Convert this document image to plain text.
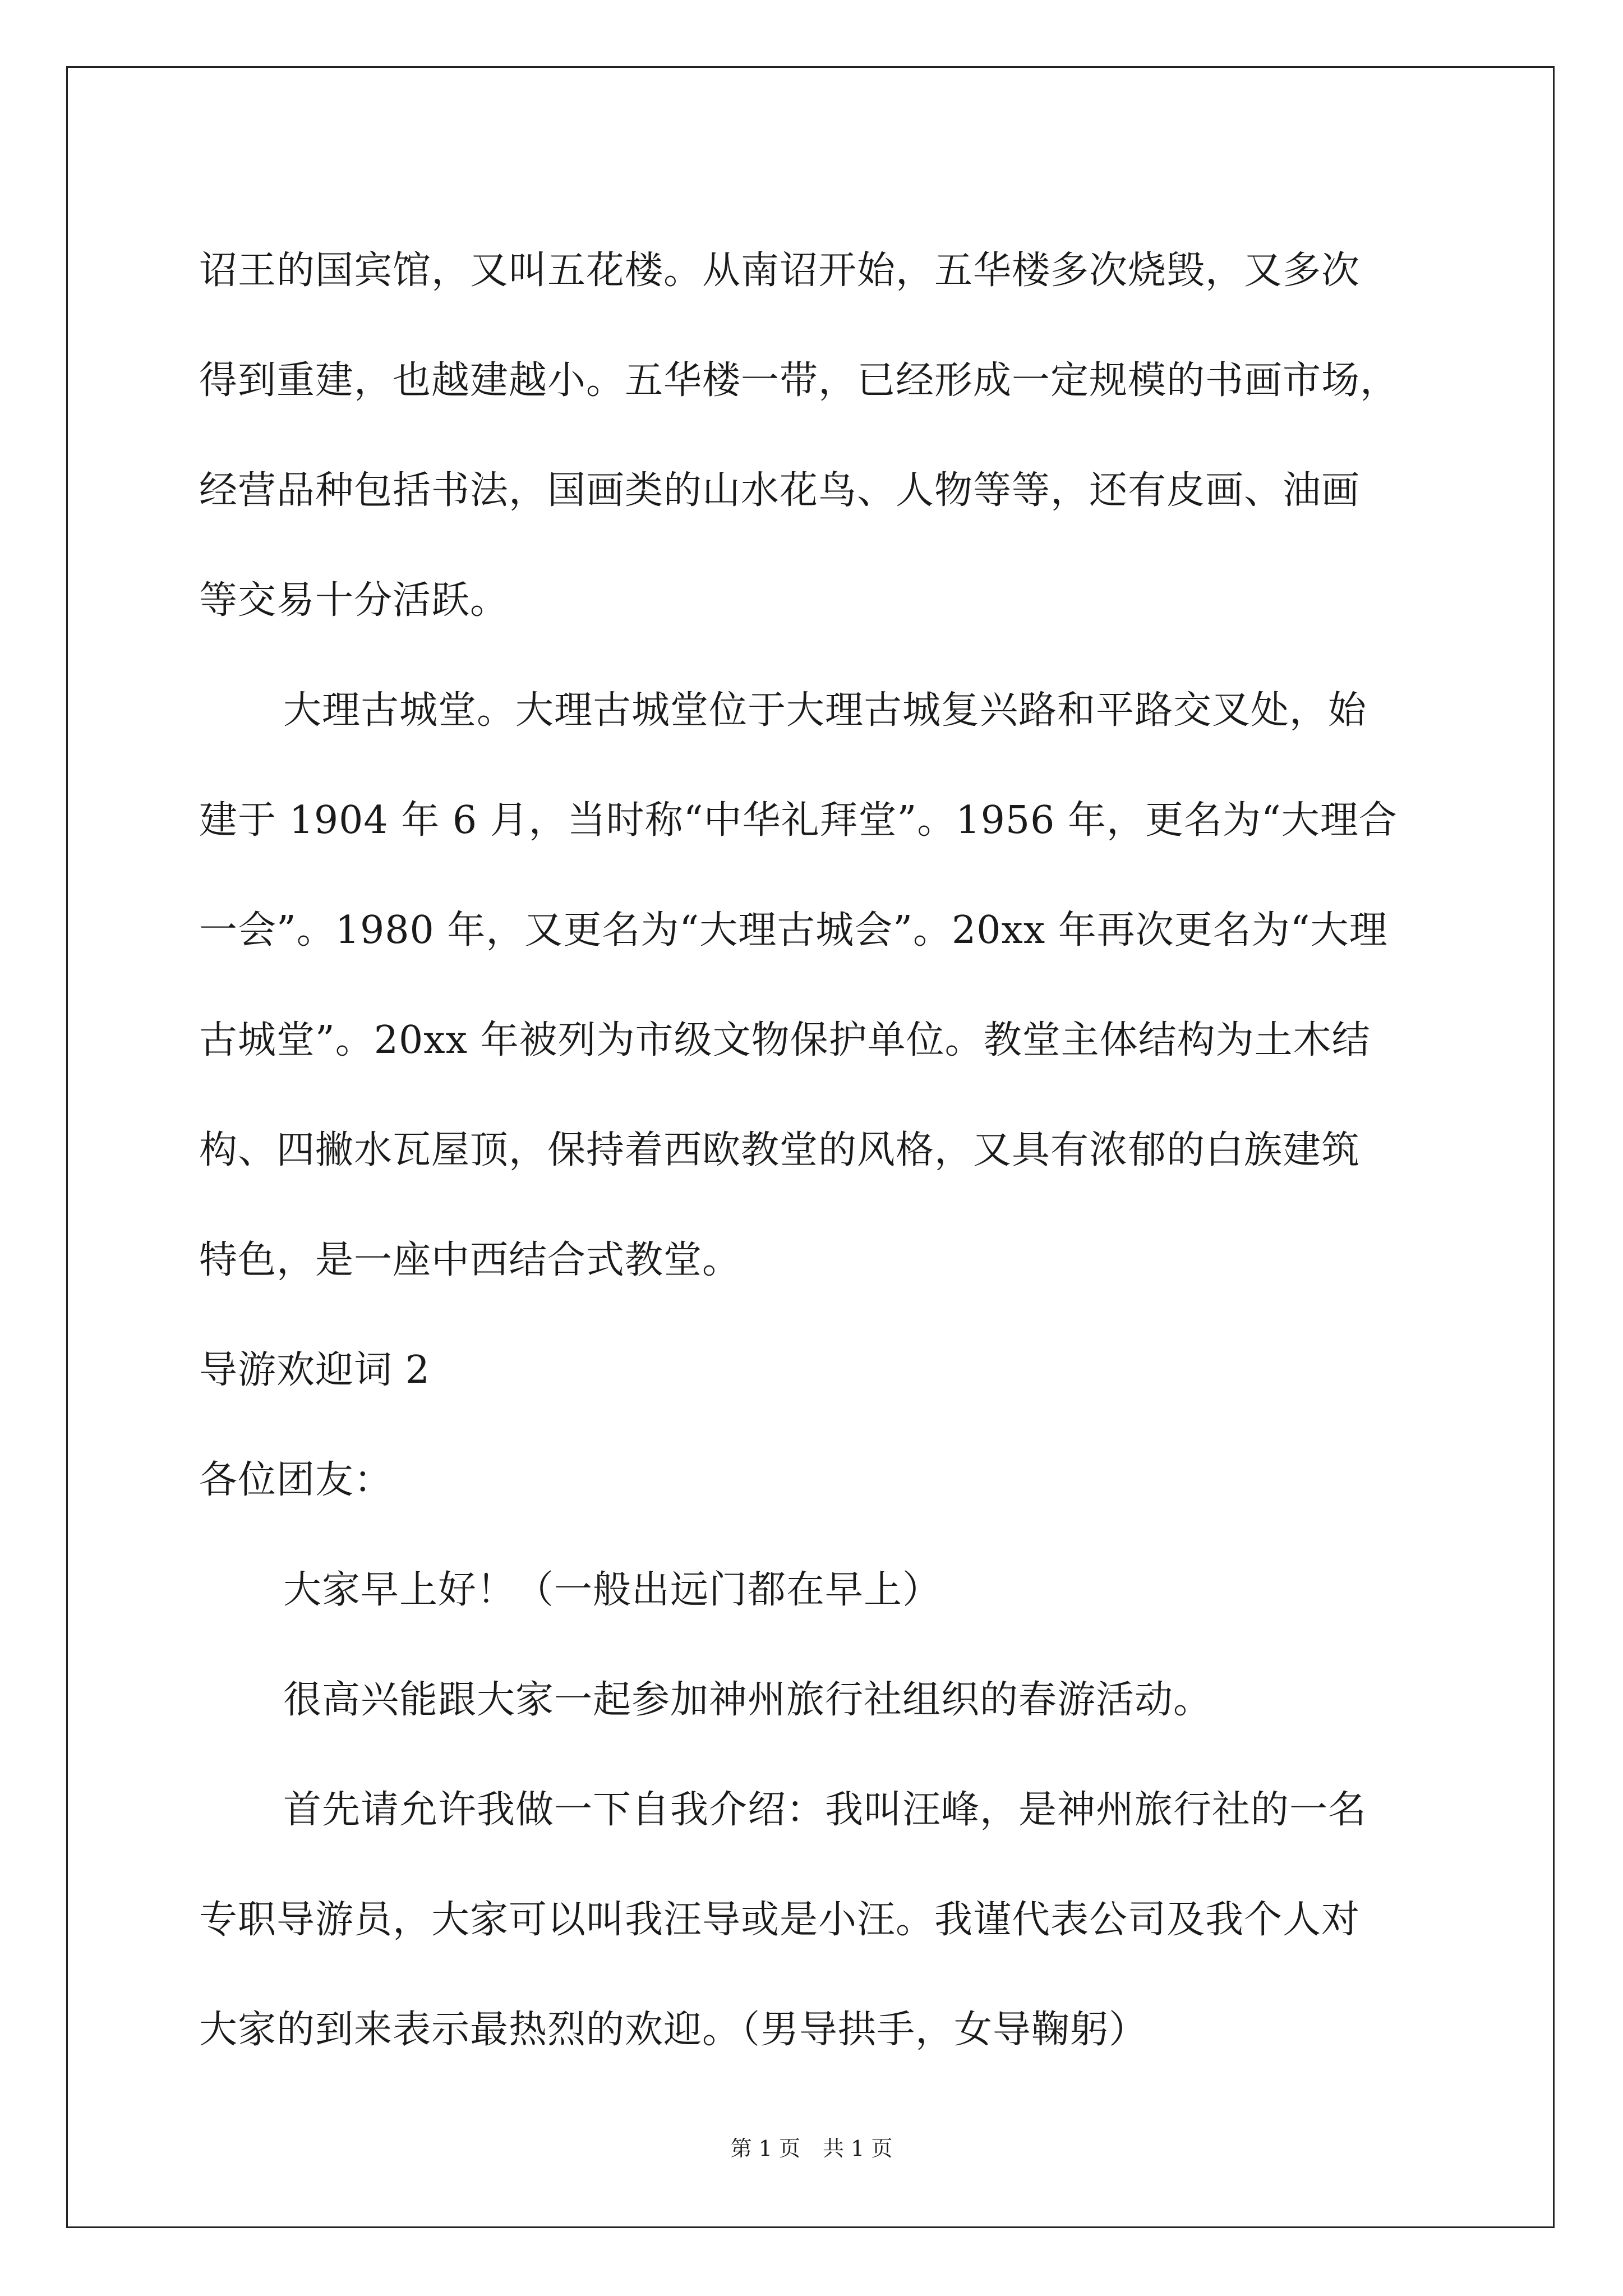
诏王的国宾馆，又叫五花楼。从南诏开始，五华楼多次烧毁，又多次
得到重建，也越建越小。五华楼一带，已经形成一定规模的书画市场，
经营品种包括书法，国画类的山水花鸟、人物等等，还有皮画、油画
等交易十分活跃。
大理古城堂。大理古城堂位于大理古城复兴路和平路交叉处，始
建于 1904 年 6 月，当时称“中华礼拜堂”。1956 年，更名为“大理合
一会”。1980 年，又更名为“大理古城会”。20xx 年再次更名为“大理
古城堂”。20xx 年被列为市级文物保护单位。教堂主体结构为土木结
构、四撇水瓦屋顶，保持着西欧教堂的风格，又具有浓郁的白族建筑
特色，是一座中西结合式教堂。
导游欢迎词 2
各位团友：
大家早上好！（一般出远门都在早上）
很高兴能跟大家一起参加神州旅行社组织的春游活动。
首先请允许我做一下自我介绍：我叫汪峰，是神州旅行社的一名
专职导游员，大家可以叫我汪导或是小汪。我谨代表公司及我个人对
大家的到来表示最热烈的欢迎。（男导拱手，女导鞠躬）
第 1 页 共 1 页
